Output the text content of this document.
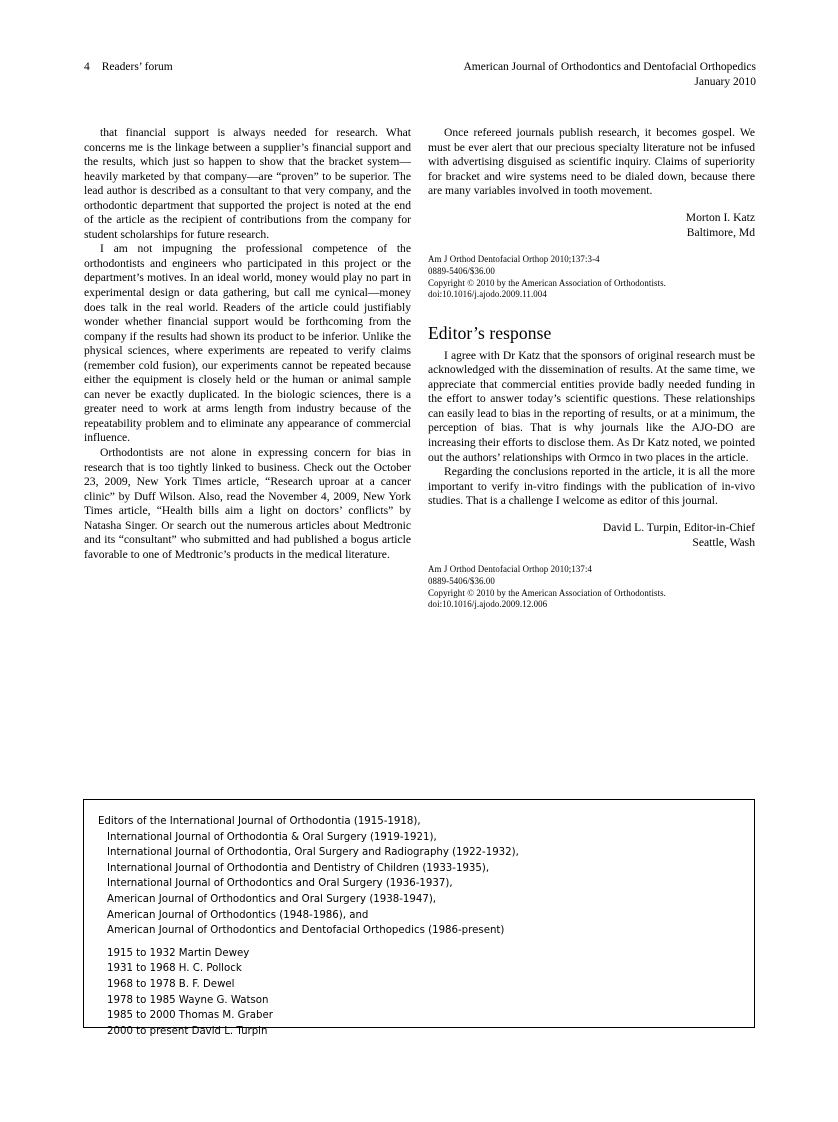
4 Readers’ forum	American Journal of Orthodontics and Dentofacial Orthopedics
January 2010

that financial support is always needed for research. What concerns me is the linkage between a supplier’s financial support and the results, which just so happen to show that the bracket system—heavily marketed by that company—are “proven” to be superior. The lead author is described as a consultant to that very company, and the orthodontic department that supported the project is noted at the end of the article as the recipient of contributions from the company for student scholarships for future research.

I am not impugning the professional competence of the orthodontists and engineers who participated in this project or the department’s motives. In an ideal world, money would play no part in experimental design or data gathering, but call me cynical—money does talk in the real world. Readers of the article could justifiably wonder whether financial support would be forthcoming from the company if the results had shown its product to be inferior. Unlike the physical sciences, where experiments are repeated to verify claims (remember cold fusion), our experiments cannot be repeated because either the equipment is closely held or the human or animal sample can never be exactly duplicated. In the biologic sciences, there is a greater need to work at arms length from industry because of the repeatability problem and to eliminate any appearance of commercial influence.

Orthodontists are not alone in expressing concern for bias in research that is too tightly linked to business. Check out the October 23, 2009, New York Times article, “Research uproar at a cancer clinic” by Duff Wilson. Also, read the November 4, 2009, New York Times article, “Health bills aim a light on doctors’ conflicts” by Natasha Singer. Or search out the numerous articles about Medtronic and its “consultant” who submitted and had published a bogus article favorable to one of Medtronic’s products in the medical literature.

Once refereed journals publish research, it becomes gospel. We must be ever alert that our precious specialty literature not be infused with advertising disguised as scientific inquiry. Claims of superiority for bracket and wire systems need to be dialed down, because there are many variables involved in tooth movement.

Morton I. Katz
Baltimore, Md
Am J Orthod Dentofacial Orthop 2010;137:3-4
0889-5406/$36.00
Copyright © 2010 by the American Association of Orthodontists.
doi:10.1016/j.ajodo.2009.11.004
Editor’s response

I agree with Dr Katz that the sponsors of original research must be acknowledged with the dissemination of results. At the same time, we appreciate that commercial entities provide badly needed funding in the effort to answer today’s scientific questions. These relationships can easily lead to bias in the reporting of results, or at a minimum, the perception of bias. That is why journals like the AJO-DO are increasing their efforts to disclose them. As Dr Katz noted, we pointed out the authors’ relationships with Ormco in two places in the article.

Regarding the conclusions reported in the article, it is all the more important to verify in-vitro findings with the publication of in-vivo studies. That is a challenge I welcome as editor of this journal.

David L. Turpin, Editor-in-Chief
Seattle, Wash
Am J Orthod Dentofacial Orthop 2010;137:4
0889-5406/$36.00
Copyright © 2010 by the American Association of Orthodontists.
doi:10.1016/j.ajodo.2009.12.006
Editors of the International Journal of Orthodontia (1915-1918),
International Journal of Orthodontia & Oral Surgery (1919-1921),
International Journal of Orthodontia, Oral Surgery and Radiography (1922-1932),
International Journal of Orthodontia and Dentistry of Children (1933-1935),
International Journal of Orthodontics and Oral Surgery (1936-1937),
American Journal of Orthodontics and Oral Surgery (1938-1947),
American Journal of Orthodontics (1948-1986), and
American Journal of Orthodontics and Dentofacial Orthopedics (1986-present)
1915 to 1932 Martin Dewey
1931 to 1968 H. C. Pollock
1968 to 1978 B. F. Dewel
1978 to 1985 Wayne G. Watson
1985 to 2000 Thomas M. Graber
2000 to present David L. Turpin
